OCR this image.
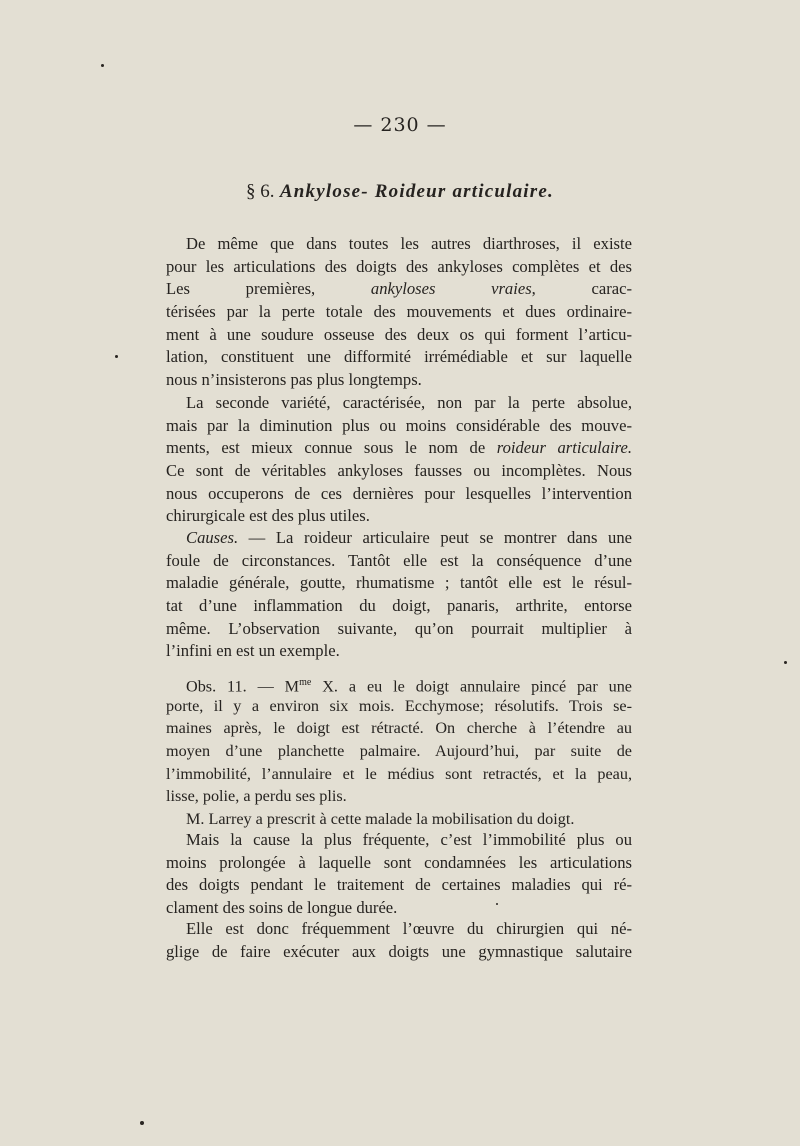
— 230 —
§ 6. Ankylose- Roideur articulaire.
De même que dans toutes les autres diarthroses, il existe
pour les articulations des doigts des ankyloses complètes et des
Les premières, ankyloses vraies, carac-
térisées par la perte totale des mouvements et dues ordinaire-
ment à une soudure osseuse des deux os qui forment l’articu-
lation, constituent une difformité irrémédiable et sur laquelle
nous n’insisterons pas plus longtemps.
La seconde variété, caractérisée, non par la perte absolue,
mais par la diminution plus ou moins considérable des mouve-
ments, est mieux connue sous le nom de roideur articulaire.
Ce sont de véritables ankyloses fausses ou incomplètes. Nous
nous occuperons de ces dernières pour lesquelles l’intervention
chirurgicale est des plus utiles.
Causes. — La roideur articulaire peut se montrer dans une
foule de circonstances. Tantôt elle est la conséquence d’une
maladie générale, goutte, rhumatisme ; tantôt elle est le résul-
tat d’une inflammation du doigt, panaris, arthrite, entorse
même. L’observation suivante, qu’on pourrait multiplier à
l’infini en est un exemple.
Obs. 11. — $M^{me}$ X. a eu le doigt annulaire pincé par une
porte, il y a environ six mois. Ecchymose; résolutifs. Trois se-
maines après, le doigt est rétracté. On cherche à l’étendre au
moyen d’une planchette palmaire. Aujourd’hui, par suite de
l’immobilité, l’annulaire et le médius sont retractés, et la peau,
lisse, polie, a perdu ses plis.
M. Larrey a prescrit à cette malade la mobilisation du doigt.
Mais la cause la plus fréquente, c’est l’immobilité plus ou
moins prolongée à laquelle sont condamnées les articulations
des doigts pendant le traitement de certaines maladies qui ré-
clament des soins de longue durée.
Elle est donc fréquemment l’œuvre du chirurgien qui né-
glige de faire exécuter aux doigts une gymnastique salutaire
